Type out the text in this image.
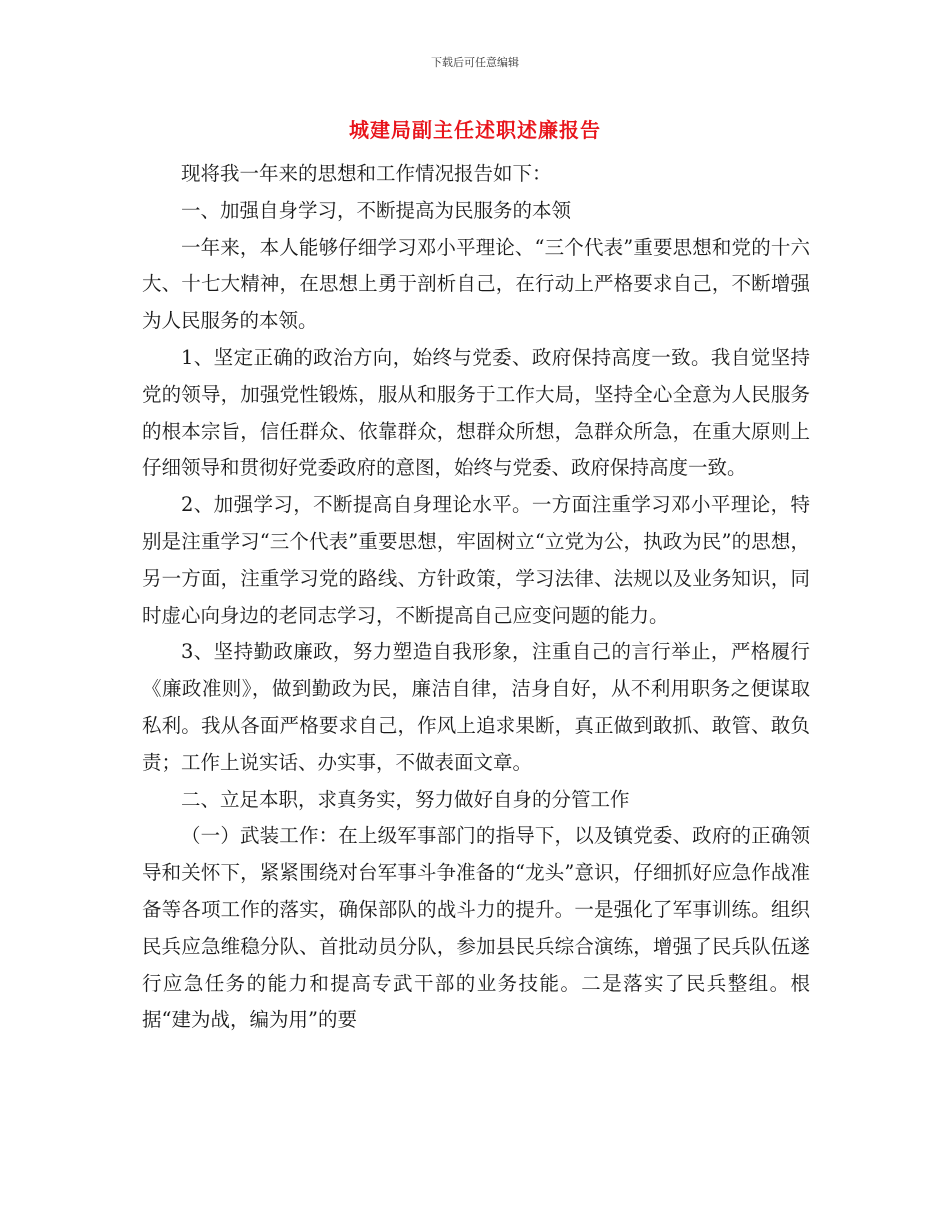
下载后可任意编辑
城建局副主任述职述廉报告

现将我一年来的思想和工作情况报告如下：

一、加强自身学习，不断提高为民服务的本领

一年来，本人能够仔细学习邓小平理论、“三个代表”重要思想和党的十六大、十七大精神，在思想上勇于剖析自己，在行动上严格要求自己，不断增强为人民服务的本领。

1、坚定正确的政治方向，始终与党委、政府保持高度一致。我自觉坚持党的领导，加强党性锻炼，服从和服务于工作大局，坚持全心全意为人民服务的根本宗旨，信任群众、依靠群众，想群众所想，急群众所急，在重大原则上仔细领导和贯彻好党委政府的意图，始终与党委、政府保持高度一致。

2、加强学习，不断提高自身理论水平。一方面注重学习邓小平理论，特别是注重学习“三个代表”重要思想，牢固树立“立党为公，执政为民”的思想，另一方面，注重学习党的路线、方针政策，学习法律、法规以及业务知识，同时虚心向身边的老同志学习，不断提高自己应变问题的能力。

3、坚持勤政廉政，努力塑造自我形象，注重自己的言行举止，严格履行《廉政准则》，做到勤政为民，廉洁自律，洁身自好，从不利用职务之便谋取私利。我从各面严格要求自己，作风上追求果断，真正做到敢抓、敢管、敢负责；工作上说实话、办实事，不做表面文章。

二、立足本职，求真务实，努力做好自身的分管工作

（一）武装工作：在上级军事部门的指导下，以及镇党委、政府的正确领导和关怀下，紧紧围绕对台军事斗争准备的“龙头”意识，仔细抓好应急作战准备等各项工作的落实，确保部队的战斗力的提升。一是强化了军事训练。组织民兵应急维稳分队、首批动员分队，参加县民兵综合演练，增强了民兵队伍遂行应急任务的能力和提高专武干部的业务技能。二是落实了民兵整组。根据“建为战，编为用”的要
